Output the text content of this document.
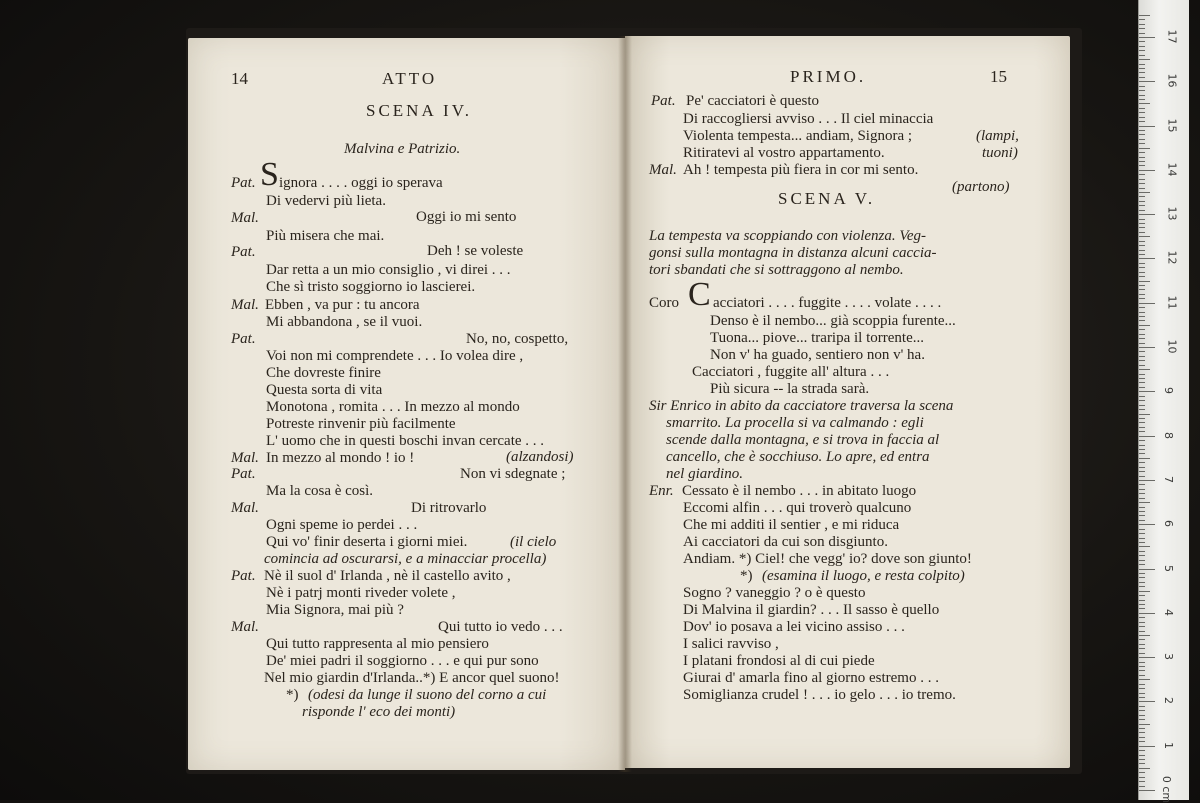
14	ATTO
SCENA IV.
Malvina e Patrizio.
S
Pat. ignora . . . . oggi io sperava
Di vedervi più lieta.
Mal.	Oggi io mi sento
Più misera che mai.
Pat.	Deh ! se voleste
Dar retta a un mio consiglio , vi direi . . .
Che sì tristo soggiorno io lascierei.
Mal. Ebben , va pur : tu ancora
Mi abbandona , se il vuoi.
Pat.	No, no, cospetto,
Voi non mi comprendete . . . Io volea dire ,
Che dovreste finire
Questa sorta di vita
Monotona , romita . . . In mezzo al mondo
Potreste rinvenir più facilmente
L' uomo che in questi boschi invan cercate . . .
Mal. In mezzo al mondo ! io !	(alzandosi)
Pat.	Non vi sdegnate ;
Ma la cosa è così.
Mal.	Di ritrovarlo
Ogni speme io perdei . . .
Qui vo' finir deserta i giorni miei.	(il cielo
comincia ad oscurarsi, e a minacciar procella)
Pat. Nè il suol d' Irlanda , nè il castello avito ,
Nè i patrj monti riveder volete ,
Mia Signora, mai più ?
Mal.	Qui tutto io vedo . . .
Qui tutto rappresenta al mio pensiero
De' miei padri il soggiorno . . . e qui pur sono
Nel mio giardin d'Irlanda..*) E ancor quel suono!
*) (odesi da lunge il suono del corno a cui
risponde l' eco dei monti)
PRIMO.	15
SCENA V.
C
Pat. Pe' cacciatori è questo
Di raccogliersi avviso . . . Il ciel minaccia
Violenta tempesta... andiam, Signora ;	(lampi,
Ritiratevi al vostro appartamento.	tuoni)
Mal. Ah ! tempesta più fiera in cor mi sento.
(partono)
La tempesta va scoppiando con violenza. Veg-
gonsi sulla montagna in distanza alcuni caccia-
tori sbandati che si sottraggono al nembo.
Coro acciatori . . . . fuggite . . . . volate . . . .
Denso è il nembo... già scoppia furente...
Tuona... piove... traripa il torrente...
Non v' ha guado, sentiero non v' ha.
Cacciatori , fuggite all' altura . . .
Più sicura -- la strada sarà.
Sir Enrico in abito da cacciatore traversa la scena
smarrito. La procella si va calmando : egli
scende dalla montagna, e si trova in faccia al
cancello, che è socchiuso. Lo apre, ed entra
nel giardino.
Enr. Cessato è il nembo . . . in abitato luogo
Eccomi alfin . . . qui troverò qualcuno
Che mi additi il sentier , e mi riduca
Ai cacciatori da cui son disgiunto.
Andiam. *) Ciel! che vegg' io? dove son giunto!
*) (esamina il luogo, e resta colpito)
Sogno ? vaneggio ? o è questo
Di Malvina il giardin? . . . Il sasso è quello
Dov' io posava a lei vicino assiso . . .
I salici ravviso ,
I platani frondosi al di cui piede
Giurai d' amarla fino al giorno estremo . . .
Somiglianza crudel ! . . . io gelo . . . io tremo.
0 cm
1
2
3
4
5
6
7
8
9
10
11
12
13
14
15
16
17
